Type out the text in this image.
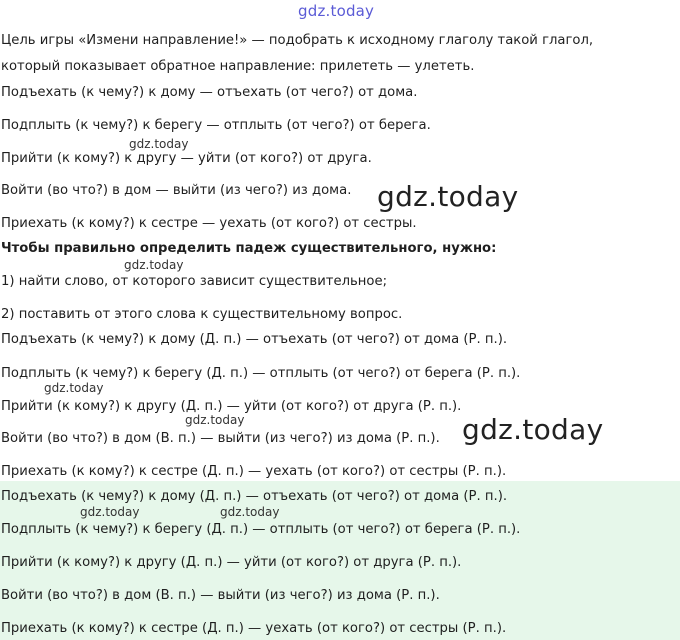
gdz.today
Цель игры «Измени направление!» — подобрать к исходному глаголу такой глагол,
который показывает обратное направление: прилететь — улететь.
Подъехать (к чему?) к дому — отъехать (от чего?) от дома.
Подплыть (к чему?) к берегу — отплыть (от чего?) от берега.
Прийти (к кому?) к другу — уйти (от кого?) от друга.
Войти (во что?) в дом — выйти (из чего?) из дома.
Приехать (к кому?) к сестре — уехать (от кого?) от сестры.
Чтобы правильно определить падеж существительного, нужно:
1) найти слово, от которого зависит существительное;
2) поставить от этого слова к существительному вопрос.
Подъехать (к чему?) к дому (Д. п.) — отъехать (от чего?) от дома (Р. п.).
Подплыть (к чему?) к берегу (Д. п.) — отплыть (от чего?) от берега (Р. п.).
Прийти (к кому?) к другу (Д. п.) — уйти (от кого?) от друга (Р. п.).
Войти (во что?) в дом (В. п.) — выйти (из чего?) из дома (Р. п.).
Приехать (к кому?) к сестре (Д. п.) — уехать (от кого?) от сестры (Р. п.).
Подъехать (к чему?) к дому (Д. п.) — отъехать (от чего?) от дома (Р. п.).
Подплыть (к чему?) к берегу (Д. п.) — отплыть (от чего?) от берега (Р. п.).
Прийти (к кому?) к другу (Д. п.) — уйти (от кого?) от друга (Р. п.).
Войти (во что?) в дом (В. п.) — выйти (из чего?) из дома (Р. п.).
Приехать (к кому?) к сестре (Д. п.) — уехать (от кого?) от сестры (Р. п.).
gdz.today
gdz.today
gdz.today
gdz.today
gdz.today	gdz.today
gdz.today	gdz.today
